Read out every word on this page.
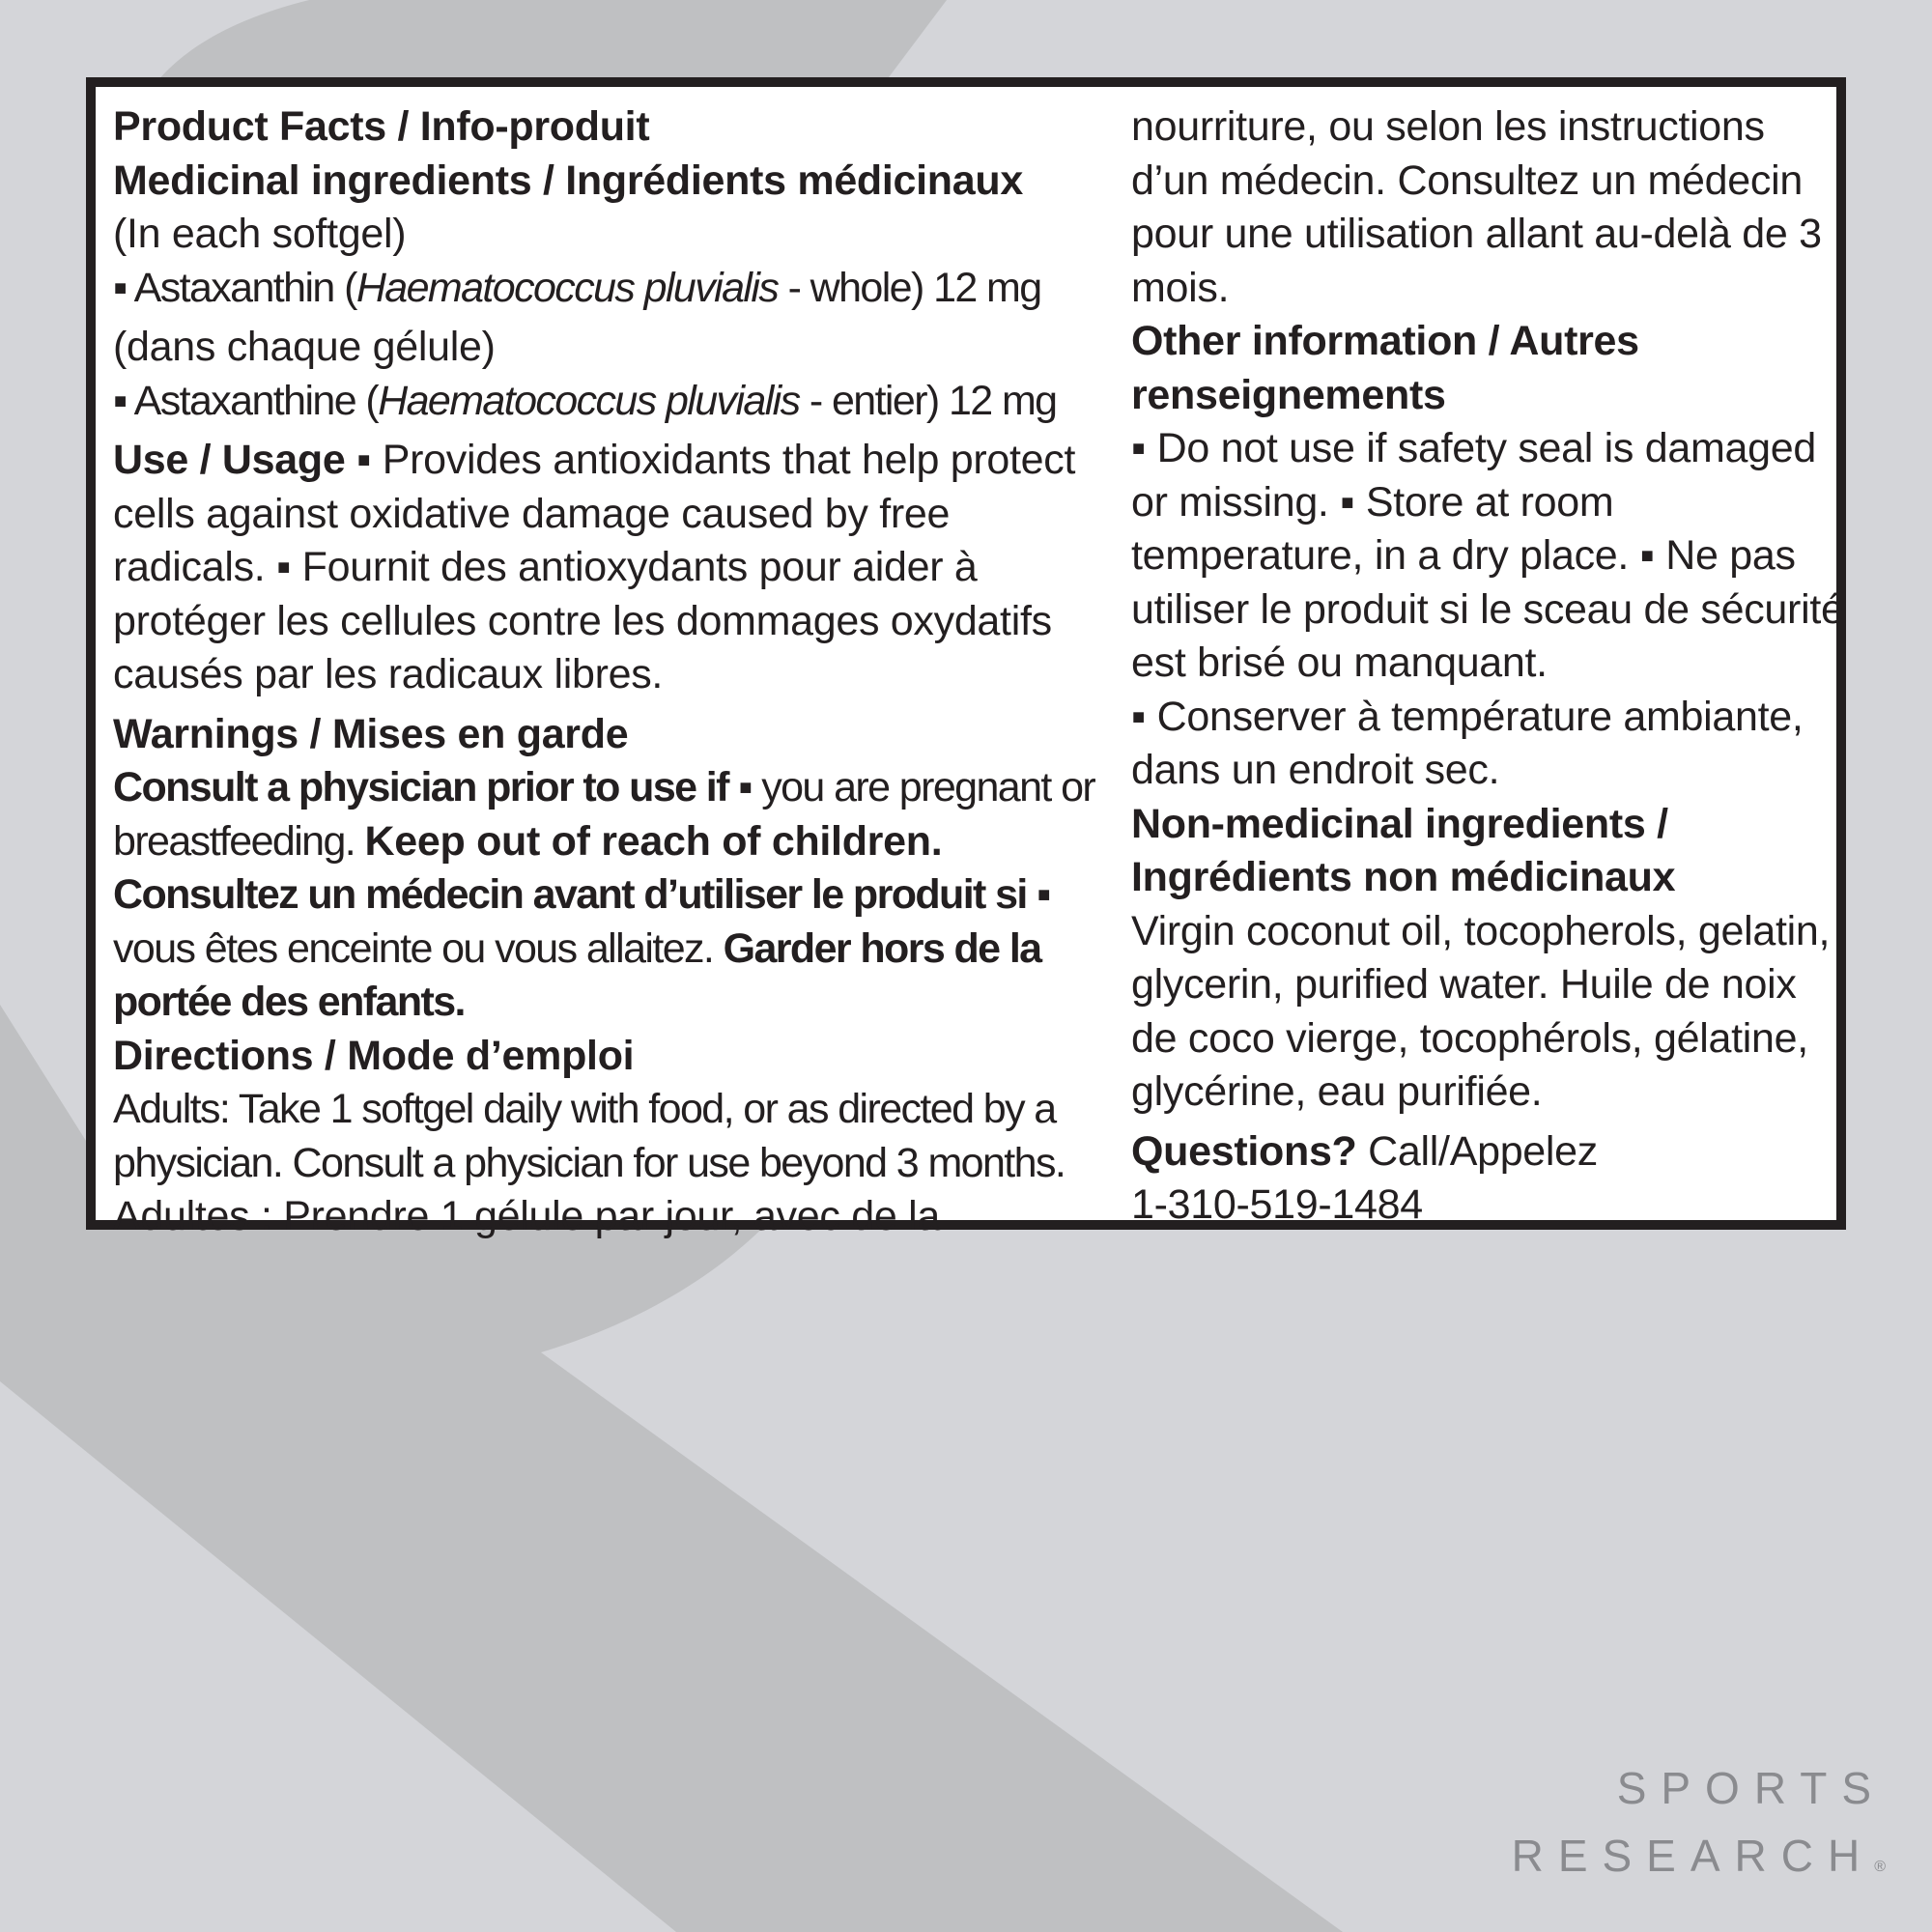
Product Facts / Info-produit

Medicinal ingredients / Ingrédients médicinaux

(In each softgel)

▪ Astaxanthin (Haematococcus pluvialis - whole) 12 mg

(dans chaque gélule)

▪ Astaxanthine (Haematococcus pluvialis - entier) 12 mg

Use / Usage ▪ Provides antioxidants that help protect cells against oxidative damage caused by free radicals. ▪ Fournit des antioxydants pour aider à protéger les cellules contre les dommages oxydatifs causés par les radicaux libres.

Warnings / Mises en garde

Consult a physician prior to use if ▪ you are pregnant or breastfeeding. Keep out of reach of children.

Consultez un médecin avant d’utiliser le produit si ▪ vous êtes enceinte ou vous allaitez. Garder hors de la portée des enfants.

Directions / Mode d’emploi

Adults: Take 1 softgel daily with food, or as directed by a physician. Consult a physician for use beyond 3 months.

Adultes : Prendre 1 gélule par jour, avec de la

nourriture, ou selon les instructions d’un médecin. Consultez un médecin pour une utilisation allant au-delà de 3 mois.

Other information / Autres renseignements

▪ Do not use if safety seal is damaged or missing. ▪ Store at room temperature, in a dry place. ▪ Ne pas utiliser le produit si le sceau de sécurité est brisé ou manquant.

▪ Conserver à température ambiante, dans un endroit sec.

Non-medicinal ingredients / Ingrédients non médicinaux

Virgin coconut oil, tocopherols, gelatin, glycerin, purified water. Huile de noix de coco vierge, tocophérols, gélatine, glycérine, eau purifiée.

Questions? Call/Appelez

1-310-519-1484

SPORTS
RESEARCH®
